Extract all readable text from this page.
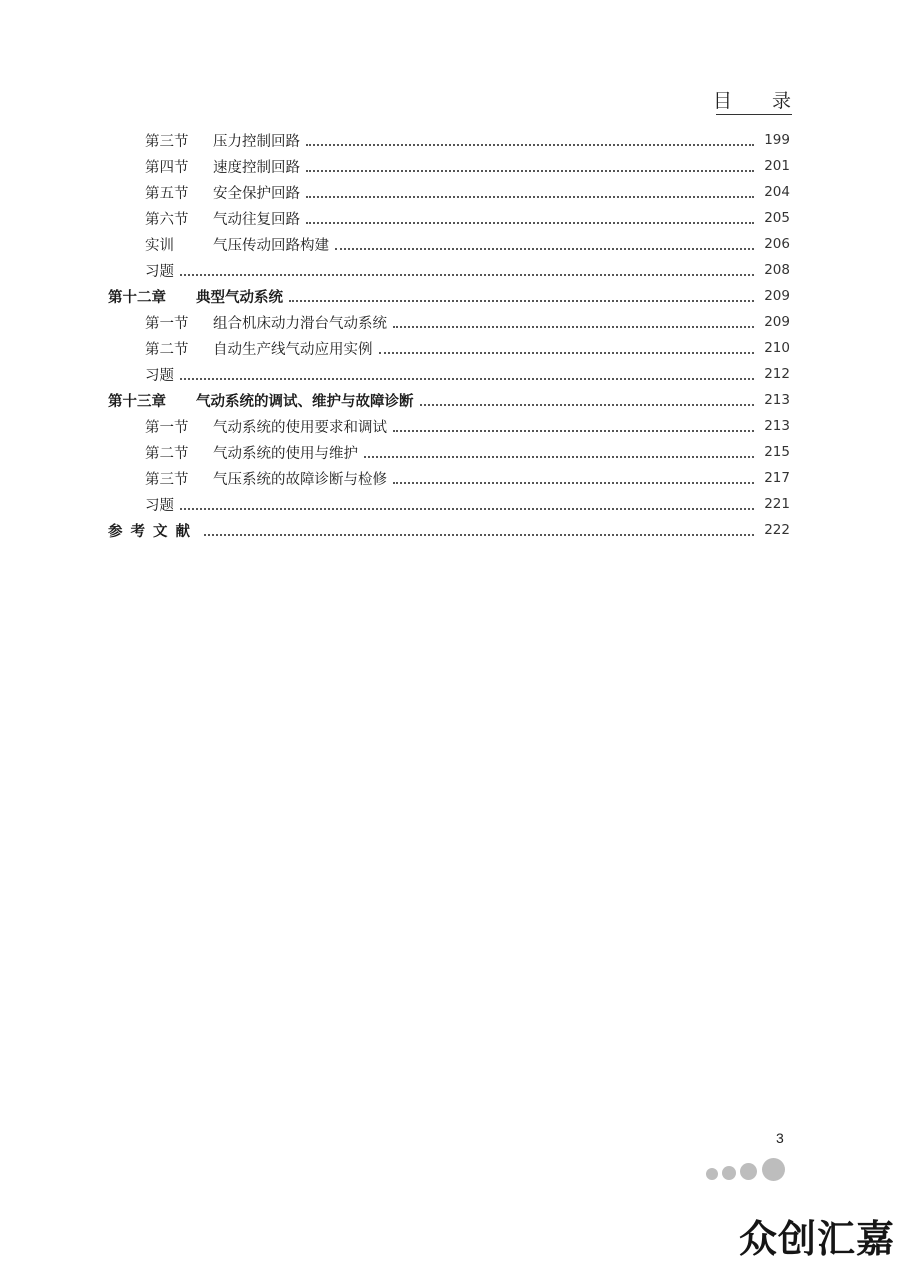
目 录
第三节 压力控制回路	199
第四节 速度控制回路	201
第五节 安全保护回路	204
第六节 气动往复回路	205
实训	气压传动回路构建	206
习题	208
第十二章 典型气动系统	209
第一节 组合机床动力滑台气动系统	209
第二节 自动生产线气动应用实例	210
习题	212
第十三章 气动系统的调试、维护与故障诊断	213
第一节 气动系统的使用要求和调试	213
第二节 气动系统的使用与维护	215
第三节 气压系统的故障诊断与检修	217
习题	221
参考文献	222
3
众创汇嘉
